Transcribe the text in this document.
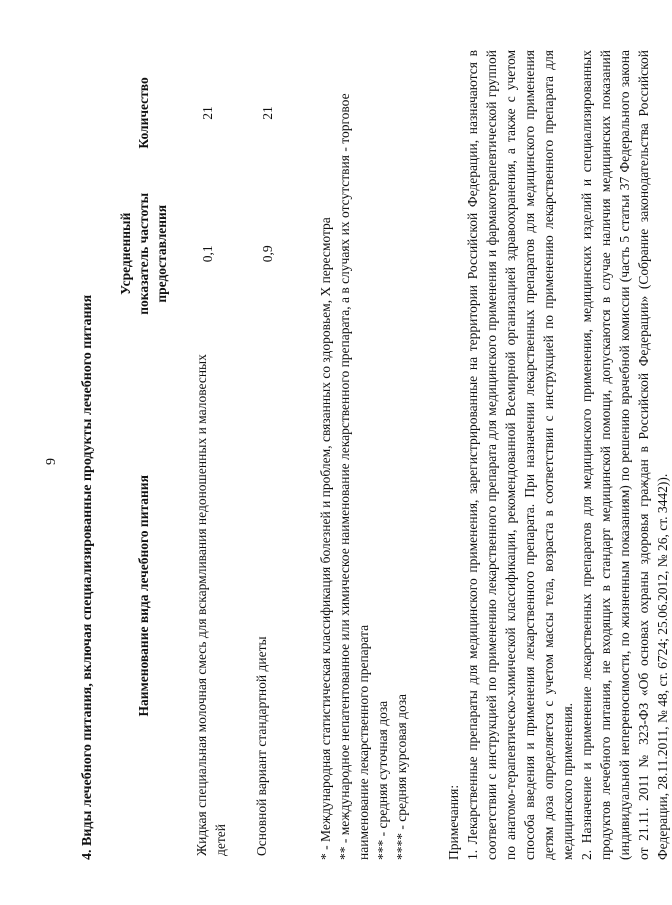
9 4. Виды лечебного питания, включая специализированные продукты лечебного питания	Наименование вида лечебного питания	Усредненный показатель частоты предоставления	Количество
Жидкая специальная молочная смесь для вскармливания недоношенных и маловесных детей	0,1	21
Основной вариант стандартной диеты	0,9	21

* - Международная статистическая классификация болезней и проблем, связанных со здоровьем, X пересмотра ** - международное непатентованное или химическое наименование лекарственного препарата, а в случаях их отсутствия - торговое наименование лекарственного препарата *** - средняя суточная доза **** - средняя курсовая доза	Примечания: 1. Лекарственные препараты для медицинского применения, зарегистрированные на территории Российской Федерации, назначаются в соответствии с инструкцией по применению лекарственного препарата для медицинского применения и фармакотерапевтической группой по анатомо-терапевтическо-химической классификации, рекомендованной Всемирной организацией здравоохранения, а также с учетом способа введения и применения лекарственного препарата. При назначении лекарственных препаратов для медицинского применения детям доза определяется с учетом массы тела, возраста в соответствии с инструкцией по применению лекарственного препарата для медицинского применения. 2. Назначение и применение лекарственных препаратов для медицинского применения, медицинских изделий и специализированных продуктов лечебного питания, не входящих в стандарт медицинской помощи, допускаются в случае наличия медицинских показаний (индивидуальной непереносимости, по жизненным показаниям) по решению врачебной комиссии (часть 5 статьи 37 Федерального закона от 21.11. 2011 № 323-ФЗ «Об основах охраны здоровья граждан в Российской Федерации» (Собрание законодательства Российской Федерации, 28.11.2011, № 48, ст. 6724; 25.06.2012, № 26, ст. 3442)).
